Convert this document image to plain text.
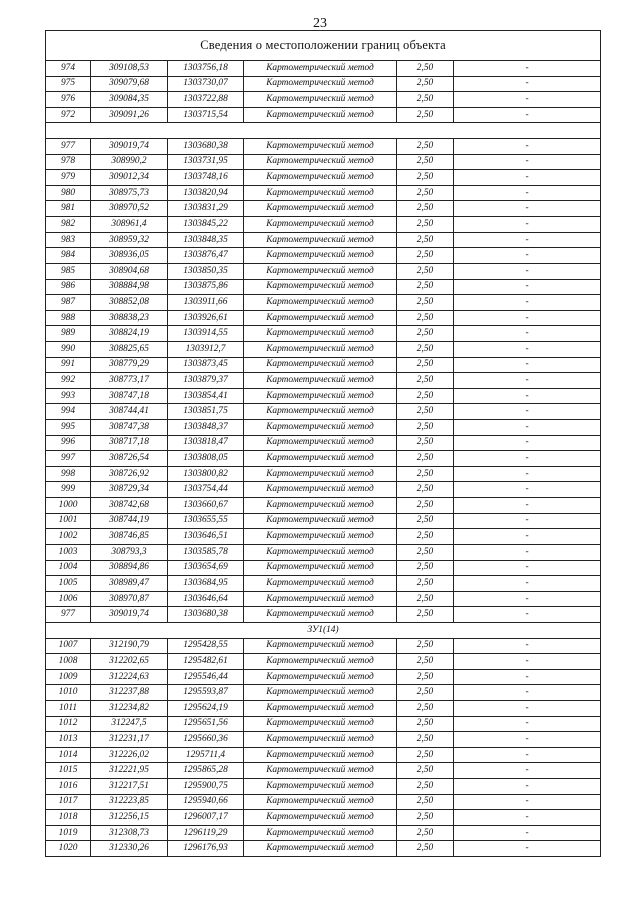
23
Сведения о местоположении границ объекта					
974	309108,53	1303756,18	Картометрический метод	2,50	-
975	309079,68	1303730,07	Картометрический метод	2,50	-
976	309084,35	1303722,88	Картометрический метод	2,50	-
972	309091,26	1303715,54	Картометрический метод	2,50	-

977	309019,74	1303680,38	Картометрический метод	2,50	-
978	308990,2	1303731,95	Картометрический метод	2,50	-
979	309012,34	1303748,16	Картометрический метод	2,50	-
980	308975,73	1303820,94	Картометрический метод	2,50	-
981	308970,52	1303831,29	Картометрический метод	2,50	-
982	308961,4	1303845,22	Картометрический метод	2,50	-
983	308959,32	1303848,35	Картометрический метод	2,50	-
984	308936,05	1303876,47	Картометрический метод	2,50	-
985	308904,68	1303850,35	Картометрический метод	2,50	-
986	308884,98	1303875,86	Картометрический метод	2,50	-
987	308852,08	1303911,66	Картометрический метод	2,50	-
988	308838,23	1303926,61	Картометрический метод	2,50	-
989	308824,19	1303914,55	Картометрический метод	2,50	-
990	308825,65	1303912,7	Картометрический метод	2,50	-
991	308779,29	1303873,45	Картометрический метод	2,50	-
992	308773,17	1303879,37	Картометрический метод	2,50	-
993	308747,18	1303854,41	Картометрический метод	2,50	-
994	308744,41	1303851,75	Картометрический метод	2,50	-
995	308747,38	1303848,37	Картометрический метод	2,50	-
996	308717,18	1303818,47	Картометрический метод	2,50	-
997	308726,54	1303808,05	Картометрический метод	2,50	-
998	308726,92	1303800,82	Картометрический метод	2,50	-
999	308729,34	1303754,44	Картометрический метод	2,50	-
1000	308742,68	1303660,67	Картометрический метод	2,50	-
1001	308744,19	1303655,55	Картометрический метод	2,50	-
1002	308746,85	1303646,51	Картометрический метод	2,50	-
1003	308793,3	1303585,78	Картометрический метод	2,50	-
1004	308894,86	1303654,69	Картометрический метод	2,50	-
1005	308989,47	1303684,95	Картометрический метод	2,50	-
1006	308970,87	1303646,64	Картометрический метод	2,50	-
977	309019,74	1303680,38	Картометрический метод	2,50	-
ЗУ1(14)					
1007	312190,79	1295428,55	Картометрический метод	2,50	-
1008	312202,65	1295482,61	Картометрический метод	2,50	-
1009	312224,63	1295546,44	Картометрический метод	2,50	-
1010	312237,88	1295593,87	Картометрический метод	2,50	-
1011	312234,82	1295624,19	Картометрический метод	2,50	-
1012	312247,5	1295651,56	Картометрический метод	2,50	-
1013	312231,17	1295660,36	Картометрический метод	2,50	-
1014	312226,02	1295711,4	Картометрический метод	2,50	-
1015	312221,95	1295865,28	Картометрический метод	2,50	-
1016	312217,51	1295900,75	Картометрический метод	2,50	-
1017	312223,85	1295940,66	Картометрический метод	2,50	-
1018	312256,15	1296007,17	Картометрический метод	2,50	-
1019	312308,73	1296119,29	Картометрический метод	2,50	-
1020	312330,26	1296176,93	Картометрический метод	2,50	-
